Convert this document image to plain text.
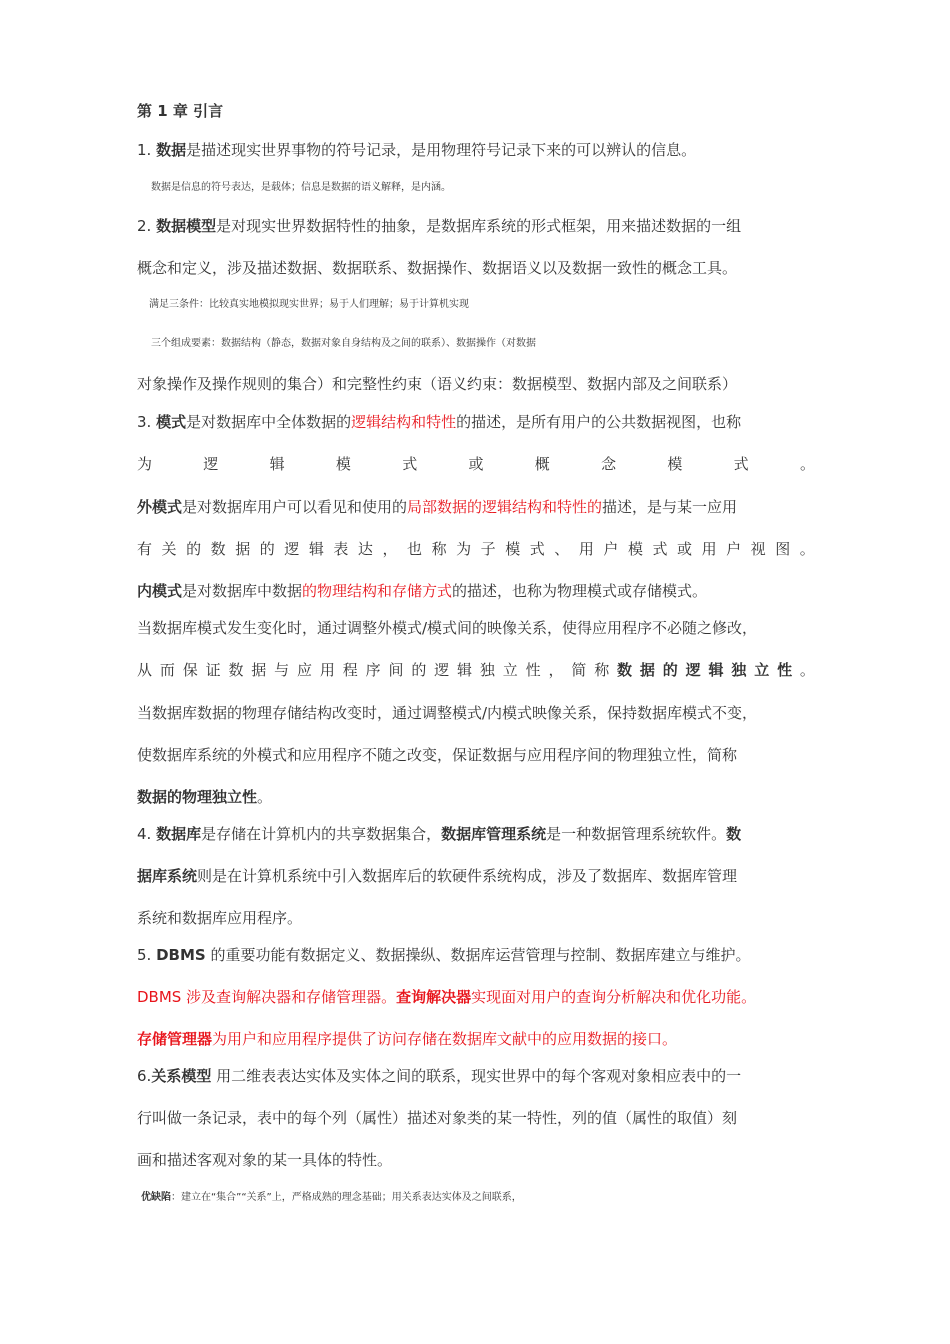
第 1 章 引言
1. 数据是描述现实世界事物的符号记录，是用物理符号记录下来的可以辨认的信息。
数据是信息的符号表达，是载体；信息是数据的语义解释，是内涵。
2. 数据模型是对现实世界数据特性的抽象，是数据库系统的形式框架，用来描述数据的一组
概念和定义，涉及描述数据、数据联系、数据操作、数据语义以及数据一致性的概念工具。
满足三条件：比较真实地模拟现实世界；易于人们理解；易于计算机实现
三个组成要素：数据结构（静态，数据对象自身结构及之间的联系）、数据操作（对数据
对象操作及操作规则的集合）和完整性约束（语义约束：数据模型、数据内部及之间联系）
3. 模式是对数据库中全体数据的逻辑结构和特性的描述，是所有用户的公共数据视图，也称
为	逻	辑	模	式	或	概	念	模	式	。
外模式是对数据库用户可以看见和使用的局部数据的逻辑结构和特性的描述，是与某一应用
有 关 的 数 据 的 逻 辑 表 达 ， 也 称 为 子 模 式 、 用 户 模 式 或 用 户 视 图 。
内模式是对数据库中数据的物理结构和存储方式的描述，也称为物理模式或存储模式。
当数据库模式发生变化时，通过调整外模式/模式间的映像关系，使得应用程序不必随之修改，
从 而 保 证 数 据 与 应 用 程 序 间 的 逻 辑 独 立 性 ， 简 称 数 据 的 逻 辑 独 立 性 。
当数据库数据的物理存储结构改变时，通过调整模式/内模式映像关系，保持数据库模式不变，
使数据库系统的外模式和应用程序不随之改变，保证数据与应用程序间的物理独立性，简称
数据的物理独立性。
4. 数据库是存储在计算机内的共享数据集合，数据库管理系统是一种数据管理系统软件。数
据库系统则是在计算机系统中引入数据库后的软硬件系统构成，涉及了数据库、数据库管理
系统和数据库应用程序。
5. DBMS 的重要功能有数据定义、数据操纵、数据库运营管理与控制、数据库建立与维护。
DBMS 涉及查询解决器和存储管理器。查询解决器实现面对用户的查询分析解决和优化功能。
存储管理器为用户和应用程序提供了访问存储在数据库文献中的应用数据的接口。
6.关系模型 用二维表表达实体及实体之间的联系，现实世界中的每个客观对象相应表中的一
行叫做一条记录，表中的每个列（属性）描述对象类的某一特性，列的值（属性的取值）刻
画和描述客观对象的某一具体的特性。
优缺陷：建立在“集合”“关系”上，严格成熟的理念基础；用关系表达实体及之间联系，
